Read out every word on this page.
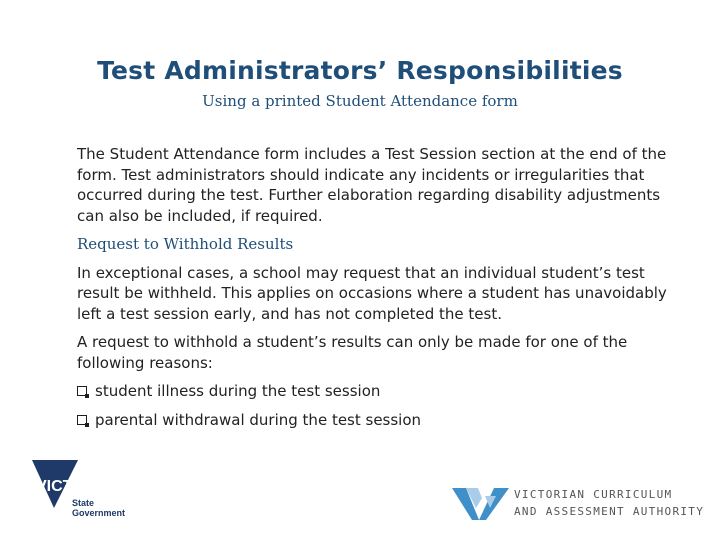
Test Administrators’ Responsibilities
Using a printed Student Attendance form

The Student Attendance form includes a Test Session section at the end of the form. Test administrators should indicate any incidents or irregularities that occurred during the test. Further elaboration regarding disability adjustments can also be included, if required.

Request to Withhold Results

In exceptional cases, a school may request that an individual student’s test result be withheld. This applies on occasions where a student has unavoidably left a test session early, and has not completed the test.

A request to withhold a student’s results can only be made for one of the following reasons:

student illness during the test session
parental withdrawal during the test session
VICTORIA
State
Government
VICTORIAN CURRICULUM
AND ASSESSMENT AUTHORITY
